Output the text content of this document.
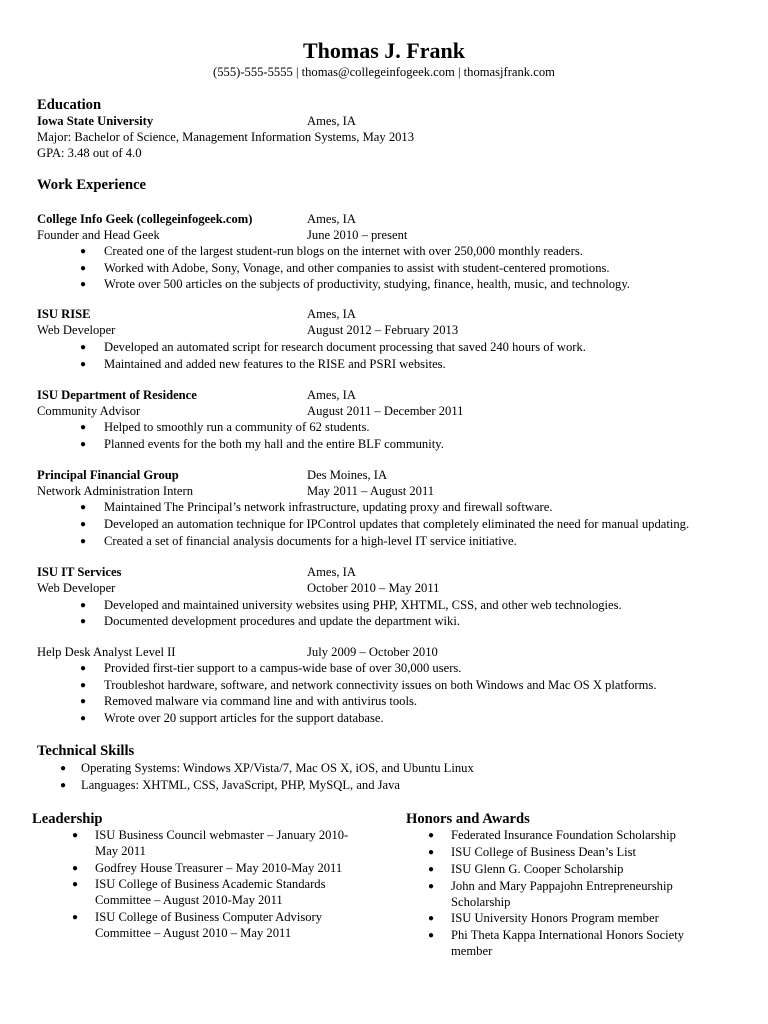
Thomas J. Frank
(555)-555-5555 | thomas@collegeinfogeek.com | thomasjfrank.com
Education
Iowa State University	Ames, IA
Major: Bachelor of Science, Management Information Systems, May 2013
GPA: 3.48 out of 4.0
Work Experience
College Info Geek (collegeinfogeek.com)	Ames, IA
Founder and Head Geek	June 2010 – present
● Created one of the largest student-run blogs on the internet with over 250,000 monthly readers.
● Worked with Adobe, Sony, Vonage, and other companies to assist with student-centered promotions.
● Wrote over 500 articles on the subjects of productivity, studying, finance, health, music, and technology.
ISU RISE	Ames, IA
Web Developer	August 2012 – February 2013
● Developed an automated script for research document processing that saved 240 hours of work.
● Maintained and added new features to the RISE and PSRI websites.
ISU Department of Residence	Ames, IA
Community Advisor	August 2011 – December 2011
● Helped to smoothly run a community of 62 students.
● Planned events for the both my hall and the entire BLF community.
Principal Financial Group	Des Moines, IA
Network Administration Intern	May 2011 – August 2011
● Maintained The Principal’s network infrastructure, updating proxy and firewall software.
● Developed an automation technique for IPControl updates that completely eliminated the need for manual updating.
● Created a set of financial analysis documents for a high-level IT service initiative.
ISU IT Services	Ames, IA
Web Developer	October 2010 – May 2011
● Developed and maintained university websites using PHP, XHTML, CSS, and other web technologies.
● Documented development procedures and update the department wiki.
Help Desk Analyst Level II	July 2009 – October 2010
● Provided first-tier support to a campus-wide base of over 30,000 users.
● Troubleshot hardware, software, and network connectivity issues on both Windows and Mac OS X platforms.
● Removed malware via command line and with antivirus tools.
● Wrote over 20 support articles for the support database.
Technical Skills
● Operating Systems: Windows XP/Vista/7, Mac OS X, iOS, and Ubuntu Linux
● Languages: XHTML, CSS, JavaScript, PHP, MySQL, and Java
Leadership
● ISU Business Council webmaster – January 2010-May 2011
● Godfrey House Treasurer – May 2010-May 2011
● ISU College of Business Academic Standards Committee – August 2010-May 2011
● ISU College of Business Computer Advisory Committee – August 2010 – May 2011
Honors and Awards
● Federated Insurance Foundation Scholarship
● ISU College of Business Dean’s List
● ISU Glenn G. Cooper Scholarship
● John and Mary Pappajohn Entrepreneurship Scholarship
● ISU University Honors Program member
● Phi Theta Kappa International Honors Society member
